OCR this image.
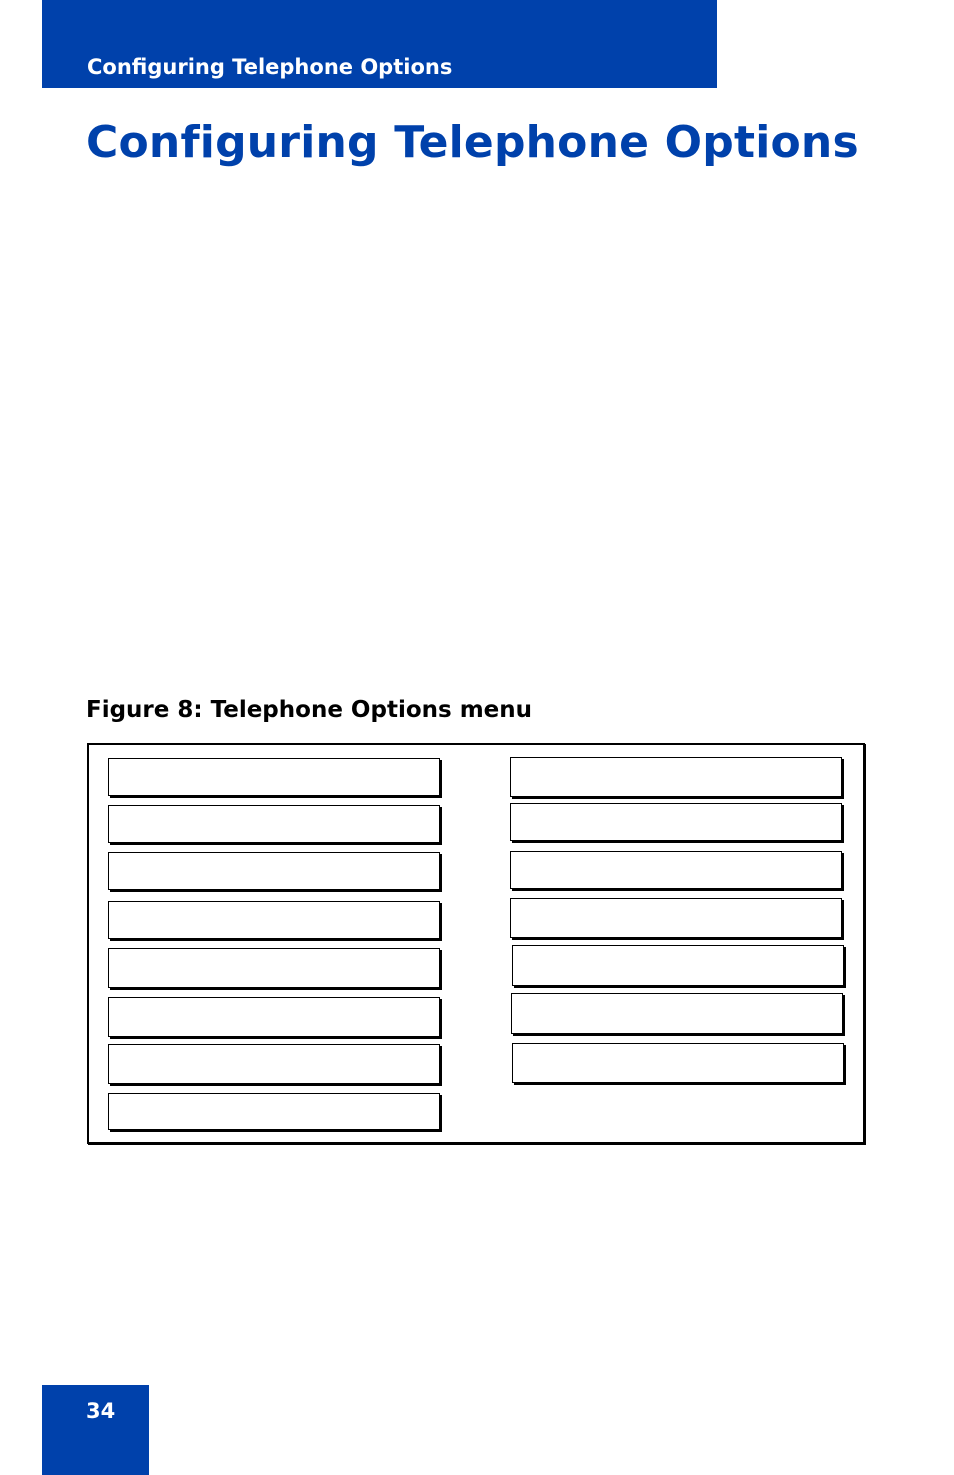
Configuring Telephone Options
Configuring Telephone Options
Figure 8: Telephone Options menu
34
